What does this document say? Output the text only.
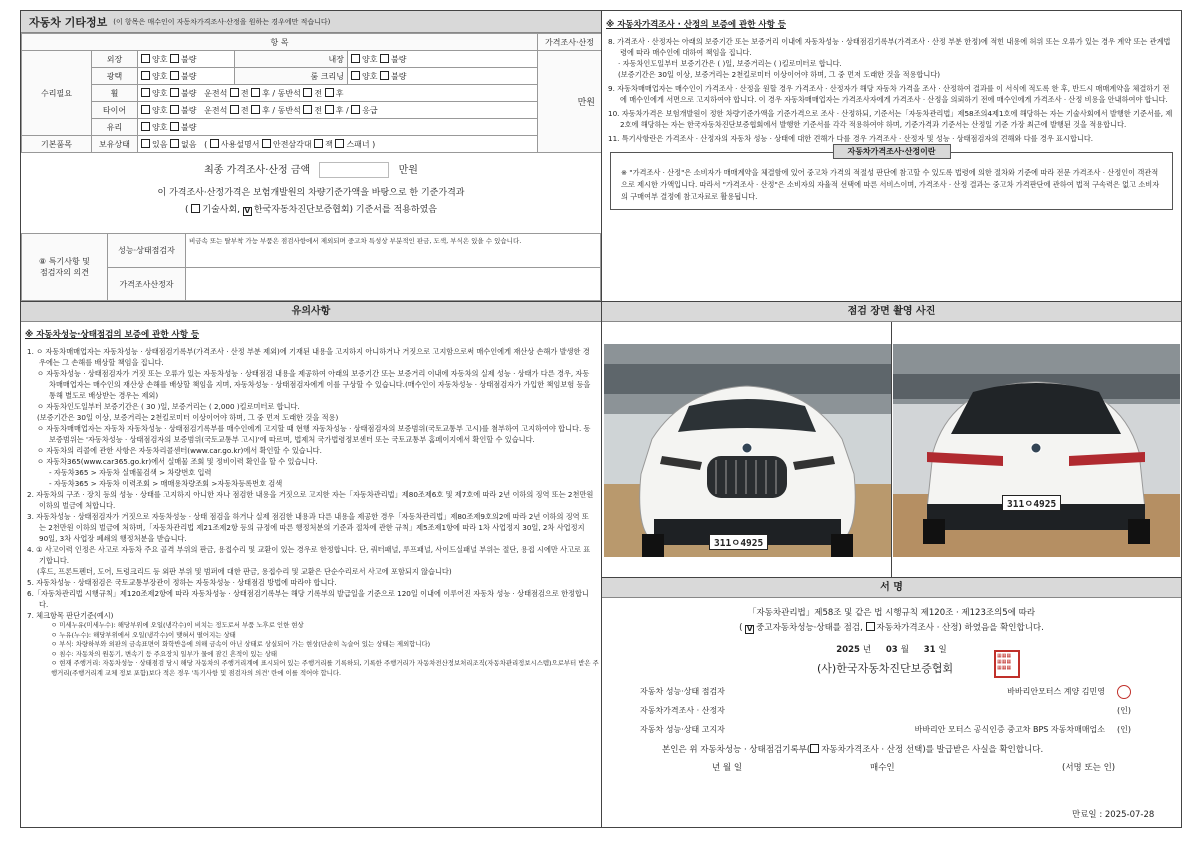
자동차 기타정보 (이 항목은 매수인이 자동차가격조사·산정을 원하는 경우에만 적습니다)
항 목					가격조사·산정
수리필요	외장	양호 불량	내장	양호 불량	만원
	광택	양호 불량	룸 크리닝	양호 불량	
	휠	양호 불량 운전석 전 후 / 동반석 전 후			
	타이어	양호 불량 운전석 전 후 / 동반석 전 후 / 응급			
	유리	양호 불량			
기본품목	보유상태	있음 없음   ( 사용설명서 안전삼각대 잭 스패너 )			
최종 가격조사·산정 금액	만원
이 가격조사·산정가격은 보험개발원의 차량기준가액을 바탕으로 한 기준가격과
( 기술사회, V 한국자동차진단보증협회) 기준서를 적용하였음
⑧ 특기사항 및
점검자의 의견	성능·상태점검자	비금속 또는 탈부착 가능 부품은 점검사항에서 제외되며 중고차 특성상 부분적인 판금, 도색, 부식은 있을 수 있습니다.
	가격조사산정자	
※ 자동차가격조사 · 산정의 보증에 관한 사항 등
8. 가격조사 · 산정자는 아래의 보증기간 또는 보증거리 이내에 자동차성능 · 상태점검기록부(가격조사 · 산정 부분 한정)에 적힌 내용에 허위 또는 오류가 있는 경우 계약 또는 관계법령에 따라 매수인에 대하여 책임을 집니다.
· 자동차인도일부터 보증기간은 ( )일, 보증거리는 ( )킬로미터로 합니다.
(보증기간은 30일 이상, 보증거리는 2천킬로미터 이상이어야 하며, 그 중 먼저 도래한 것을 적용합니다)
9. 자동차매매업자는 매수인이 가격조사 · 산정을 원할 경우 가격조사 · 산정자가 해당 자동차 가격을 조사 · 산정하여 결과를 이 서식에 적도록 한 후, 반드시 매매계약을 체결하기 전에 매수인에게 서면으로 고지하여야 합니다. 이 경우 자동차매매업자는 가격조사자에게 가격조사 · 산정을 의뢰하기 전에 매수인에게 가격조사 · 산정 비용을 안내하여야 합니다.
10. 자동차가격은 보험개발원이 정한 차량기준가액을 기준가격으로 조사 · 산정하되, 기준서는「자동차관리법」제58조의4제1호에 해당하는 자는 기술사회에서 발행한 기준서를, 제2호에 해당하는 자는 한국자동차진단보증협회에서 발행한 기준서를 각각 적용하여야 하며, 기준가격과 기준서는 산정일 기준 가장 최근에 발행된 것을 적용합니다.
11. 특기사항란은 가격조사 · 산정자의 자동차 성능 · 상태에 대한 견해가 다를 경우 가격조사 · 산정자 및 성능 · 상태점검자의 견해와 다를 경우 표시합니다.
자동차가격조사·산정이란
※ "가격조사 · 산정"은 소비자가 매매계약을 체결함에 있어 중고차 가격의 적절성 판단에 참고할 수 있도록 법령에 의한 절차와 기준에 따라 전문 가격조사 · 산정인이 객관적으로 제시한 가액입니다. 따라서 "가격조사 · 산정"은 소비자의 자율적 선택에 따른 서비스이며, 가격조사 · 산정 결과는 중고차 가격판단에 관하여 법적 구속력은 없고 소비자의 구매여부 결정에 참고자료로 활용됩니다.
유의사항
※ 자동차성능·상태점검의 보증에 관한 사항 등
1. ㅇ 자동차매매업자는 자동차성능 · 상태점검기록부(가격조사 · 산정 부분 제외)에 기재된 내용을 고지하지 아니하거나 거짓으로 고지함으로써 매수인에게 재산상 손해가 발생한 경우에는 그 손해를 배상할 책임을 집니다.
ㅇ 자동차성능 · 상태점검자가 거짓 또는 오류가 있는 자동차성능 · 상태점검 내용을 제공하여 아래의 보증기간 또는 보증거리 이내에 자동차의 실제 성능 · 상태가 다른 경우, 자동차매매업자는 매수인의 재산상 손해를 배상할 책임을 지며, 자동차성능 · 상태점검자에게 이를 구상할 수 있습니다.(매수인이 자동차성능 · 상태점검자가 가입한 책임보험 등을 통해 별도로 배상받는 경우는 제외)
ㅇ 자동차인도일부터 보증기간은 ( 30 )일, 보증거리는 ( 2,000 )킬로미터로 합니다.
(보증기간은 30일 이상, 보증거리는 2천킬로미터 이상이어야 하며, 그 중 먼저 도래한 것을 적용)
ㅇ 자동차매매업자는 자동차 자동차성능 · 상태점검기록부를 매수인에게 고지할 때 현행 자동차성능 · 상태점검자의 보증범위(국토교통부 고시)를 첨부하여 고지하여야 합니다. 동 보증범위는 '자동차성능 · 상태점검자의 보증범위(국토교통부 고시)'에 따르며, 법제처 국가법령정보센터 또는 국토교통부 홈페이지에서 확인할 수 있습니다.
ㅇ 자동차의 리콜에 관한 사항은 자동차리콜센터(www.car.go.kr)에서 확인할 수 있습니다.
ㅇ 자동차365(www.car365.go.kr)에서 실매물 조회 및 정비이력 확인을 할 수 있습니다.
- 자동차365 > 자동차 실매물검색 > 차량번호 입력
- 자동차365 > 자동차 이력조회 > 매매용차량조회 >자동차등록번호 검색
2. 자동차의 구조 · 장치 등의 성능 · 상태를 고지하지 아니한 자나 점검한 내용을 거짓으로 고지한 자는「자동차관리법」제80조제6호 및 제7호에 따라 2년 이하의 징역 또는 2천만원 이하의 벌금에 처합니다.
3. 자동차성능 · 상태점검자가 거짓으로 자동차성능 · 상태 점검을 하거나 실제 점검한 내용과 다른 내용을 제공한 경우「자동차관리법」제80조제9호의2에 따라 2년 이하의 징역 또는 2천만원 이하의 벌금에 처하며,「자동차관리법 제21조제2항 등의 규정에 따른 행정처분의 기준과 절차에 관한 규칙」제5조제1항에 따라 1차 사업정지 30일, 2차 사업정지 90일, 3차 사업장 폐쇄의 행정처분을 받습니다.
4. ① 사고이력 인정은 사고로 자동차 주요 골격 부위의 판금, 용접수리 및 교환이 있는 경우로 한정합니다. 단, 쿼터패널, 루프패널, 사이드실패널 부위는 절단, 용접 시에만 사고로 표기합니다.
(후드, 프론트펜더, 도어, 트렁크리드 등 외판 부위 및 범퍼에 대한 판금, 용접수리 및 교환은 단순수리로서 사고에 포함되지 않습니다)
5. 자동차성능 · 상태점검은 국토교통부장관이 정하는 자동차성능 · 상태점검 방법에 따라야 합니다.
6.「자동차관리법 시행규칙」제120조제2항에 따라 자동차성능 · 상태점검기록부는 해당 기록부의 발급일을 기준으로 120일 이내에 이루어진 자동차 성능 · 상태점검으로 한정합니다.
7. 체크항목 판단기준(예시)
ㅇ 미세누유(미세누수): 해당부위에 오일(냉각수)이 비치는 정도로서 부품 노후로 인한 현상
ㅇ 누유(누수): 해당부위에서 오일(냉각수)이 맺혀서 떨어지는 상태
ㅇ 부식: 차량하부와 외판의 금속표면이 화학반응에 의해 금속이 아닌 상태로 상실되어 가는 현상(단순히 녹슬어 있는 상태는 제외합니다)
ㅇ 침수: 자동차의 원동기, 변속기 등 주요장치 일부가 물에 잠긴 흔적이 있는 상태
ㅇ 현재 주행거리: 자동차성능 · 상태점검 당시 해당 자동차의 주행거리계에 표시되어 있는 주행거리를 기록하되, 기록한 주행거리가 자동차전산정보처리조직(자동차관리정보시스템)으로부터 받은 주행거리(주행거리계 교체 정보 포함)보다 적은 경우 '특기사항 및 점검자의 의견' 란에 이를 적어야 합니다.
점검 장면 촬영 사진
311ㅇ4925
311ㅇ4925
서 명
「자동차관리법」제58조 및 같은 법 시행규칙 제120조 · 제123조의5에 따라
( V 중고자동차성능·상태를 점검, 자동차가격조사 · 산정) 하였음을 확인합니다.
2025 년 03 월 31 일
(사)한국자동차진단보증협회
▦▦▦
▦▦▦
▦▦▦
자동차 성능·상태 점검자	바바리안모터스 계양 김민영
자동차가격조사 · 산정자	(인)
자동차 성능·상태 고지자	바바리안 모터스 공식인증 중고차 BPS 자동차매매업소 (인)
본인은 위 자동차성능 · 상태점검기록부( 자동차가격조사 · 산정 선택)를 발급받은 사실을 확인합니다.
년 월 일	매수인	(서명 또는 인)
만료일 : 2025-07-28
